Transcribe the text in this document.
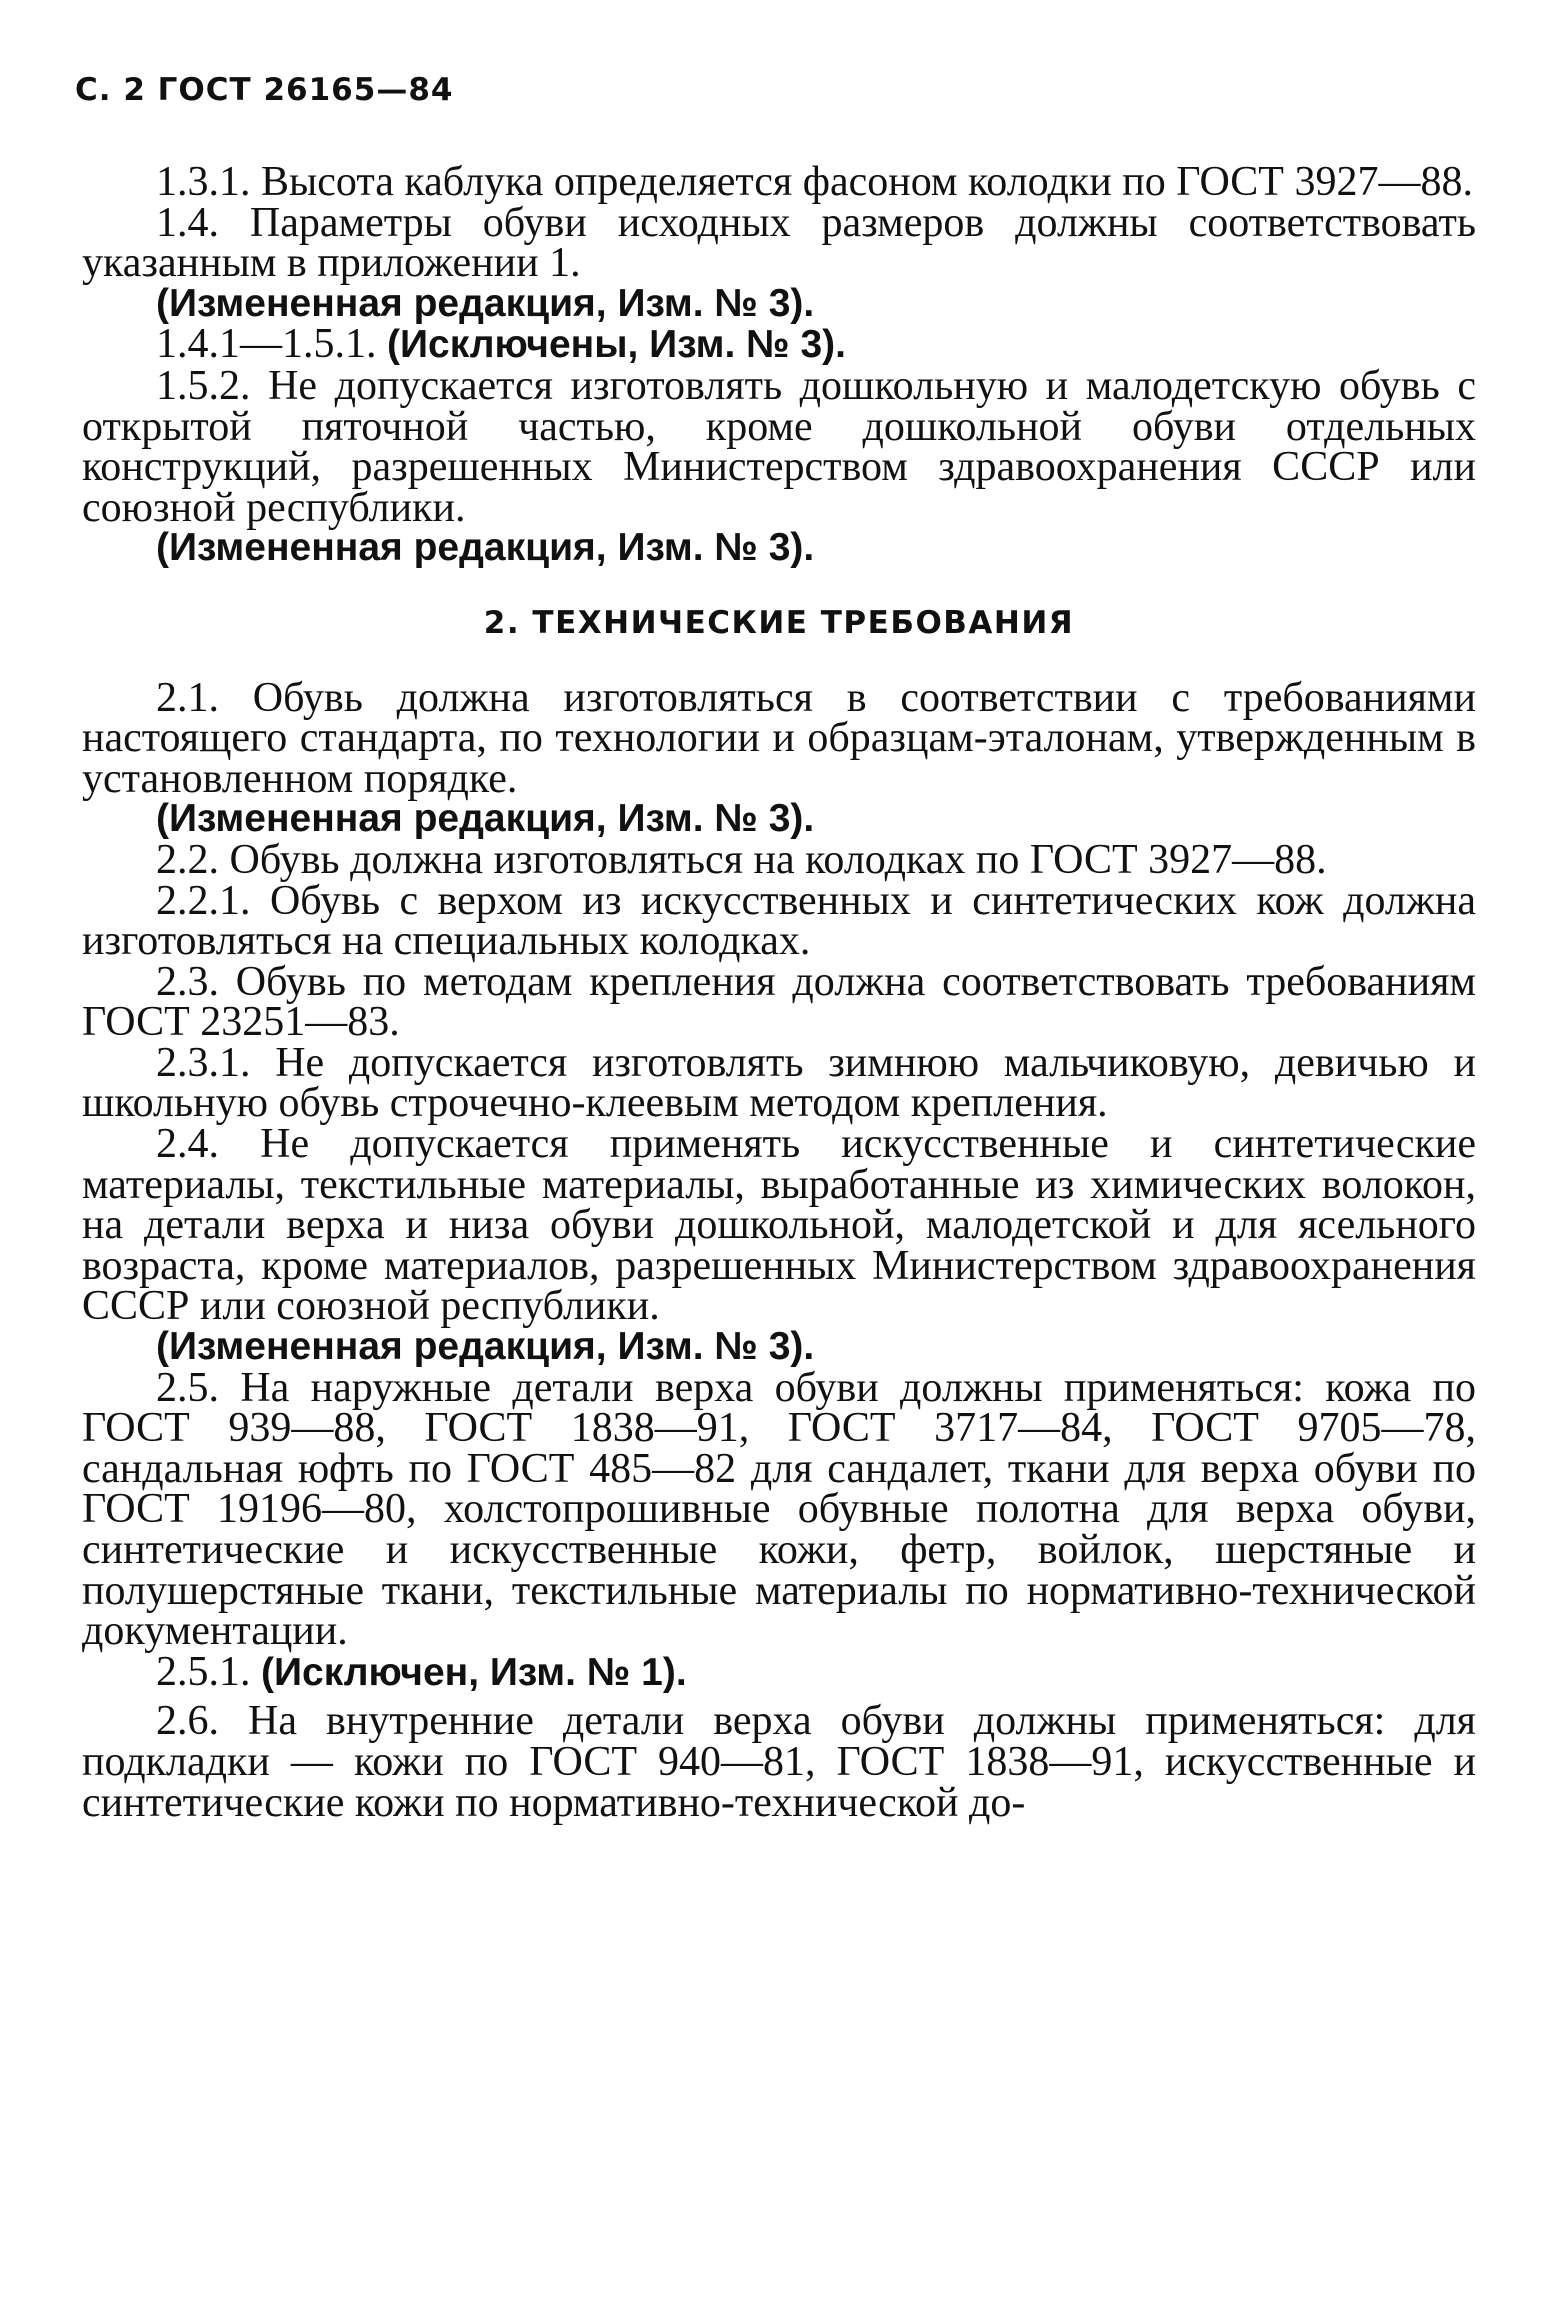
С. 2 ГОСТ 26165—84

1.3.1. Высота каблука определяется фасоном колодки по ГОСТ 3927—88.

1.4. Параметры обуви исходных размеров должны соответствовать указанным в приложении 1.

(Измененная редакция, Изм. № 3).

1.4.1—1.5.1. (Исключены, Изм. № 3).

1.5.2. Не допускается изготовлять дошкольную и малодетскую обувь с открытой пяточной частью, кроме дошкольной обуви отдельных конструкций, разрешенных Министерством здравоохранения СССР или союзной республики.

(Измененная редакция, Изм. № 3).

2. ТЕХНИЧЕСКИЕ ТРЕБОВАНИЯ

2.1. Обувь должна изготовляться в соответствии с требованиями настоящего стандарта, по технологии и образцам-эталонам, утвержденным в установленном порядке.

(Измененная редакция, Изм. № 3).

2.2. Обувь должна изготовляться на колодках по ГОСТ 3927—88.

2.2.1. Обувь с верхом из искусственных и синтетических кож должна изготовляться на специальных колодках.

2.3. Обувь по методам крепления должна соответствовать требованиям ГОСТ 23251—83.

2.3.1. Не допускается изготовлять зимнюю мальчиковую, девичью и школьную обувь строчечно-клеевым методом крепления.

2.4. Не допускается применять искусственные и синтетические материалы, текстильные материалы, выработанные из химических волокон, на детали верха и низа обуви дошкольной, малодетской и для ясельного возраста, кроме материалов, разрешенных Министерством здравоохранения СССР или союзной республики.

(Измененная редакция, Изм. № 3).

2.5. На наружные детали верха обуви должны применяться: кожа по ГОСТ 939—88, ГОСТ 1838—91, ГОСТ 3717—84, ГОСТ 9705—78, сандальная юфть по ГОСТ 485—82 для сандалет, ткани для верха обуви по ГОСТ 19196—80, холстопрошивные обувные полотна для верха обуви, синтетические и искусственные кожи, фетр, войлок, шерстяные и полушерстяные ткани, текстильные материалы по нормативно-технической документации.

2.5.1. (Исключен, Изм. № 1).

2.6. На внутренние детали верха обуви должны применяться: для подкладки — кожи по ГОСТ 940—81, ГОСТ 1838—91, искусственные и синтетические кожи по нормативно-технической до-
